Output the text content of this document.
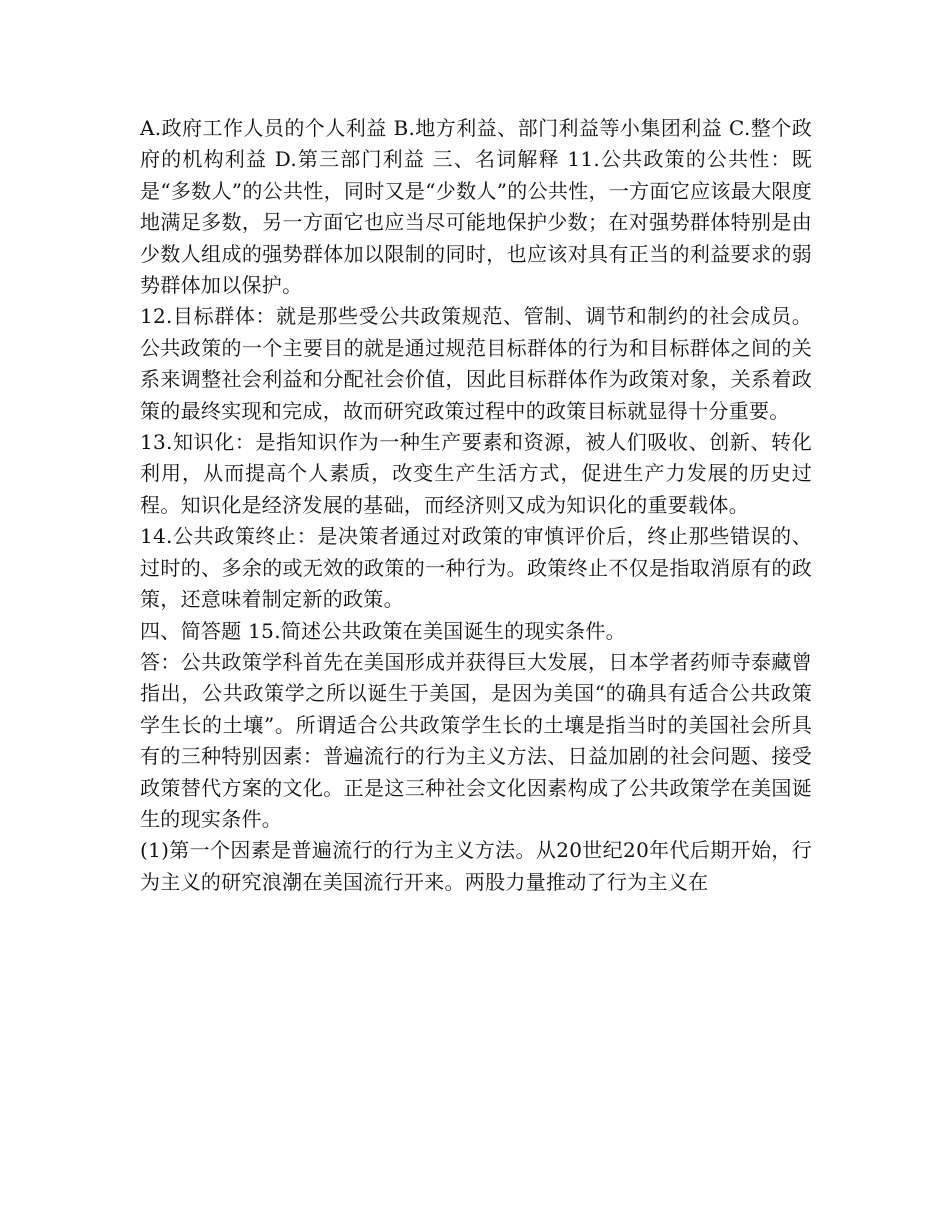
A.政府工作人员的个人利益 B.地方利益、部门利益等小集团利益 C.整个政府的机构利益 D.第三部门利益 三、名词解释 11.公共政策的公共性：既是“多数人”的公共性，同时又是“少数人”的公共性，一方面它应该最大限度地满足多数，另一方面它也应当尽可能地保护少数；在对强势群体特别是由少数人组成的强势群体加以限制的同时，也应该对具有正当的利益要求的弱势群体加以保护。

12.目标群体：就是那些受公共政策规范、管制、调节和制约的社会成员。公共政策的一个主要目的就是通过规范目标群体的行为和目标群体之间的关系来调整社会利益和分配社会价值，因此目标群体作为政策对象，关系着政策的最终实现和完成，故而研究政策过程中的政策目标就显得十分重要。

13.知识化：是指知识作为一种生产要素和资源，被人们吸收、创新、转化利用，从而提高个人素质，改变生产生活方式，促进生产力发展的历史过程。知识化是经济发展的基础，而经济则又成为知识化的重要载体。

14.公共政策终止：是决策者通过对政策的审慎评价后，终止那些错误的、过时的、多余的或无效的政策的一种行为。政策终止不仅是指取消原有的政策，还意味着制定新的政策。

四、简答题 15.简述公共政策在美国诞生的现实条件。

答：公共政策学科首先在美国形成并获得巨大发展，日本学者药师寺泰藏曾指出，公共政策学之所以诞生于美国，是因为美国“的确具有适合公共政策学生长的土壤”。所谓适合公共政策学生长的土壤是指当时的美国社会所具有的三种特别因素：普遍流行的行为主义方法、日益加剧的社会问题、接受政策替代方案的文化。正是这三种社会文化因素构成了公共政策学在美国诞生的现实条件。

(1)第一个因素是普遍流行的行为主义方法。从20世纪20年代后期开始，行为主义的研究浪潮在美国流行开来。两股力量推动了行为主义在
